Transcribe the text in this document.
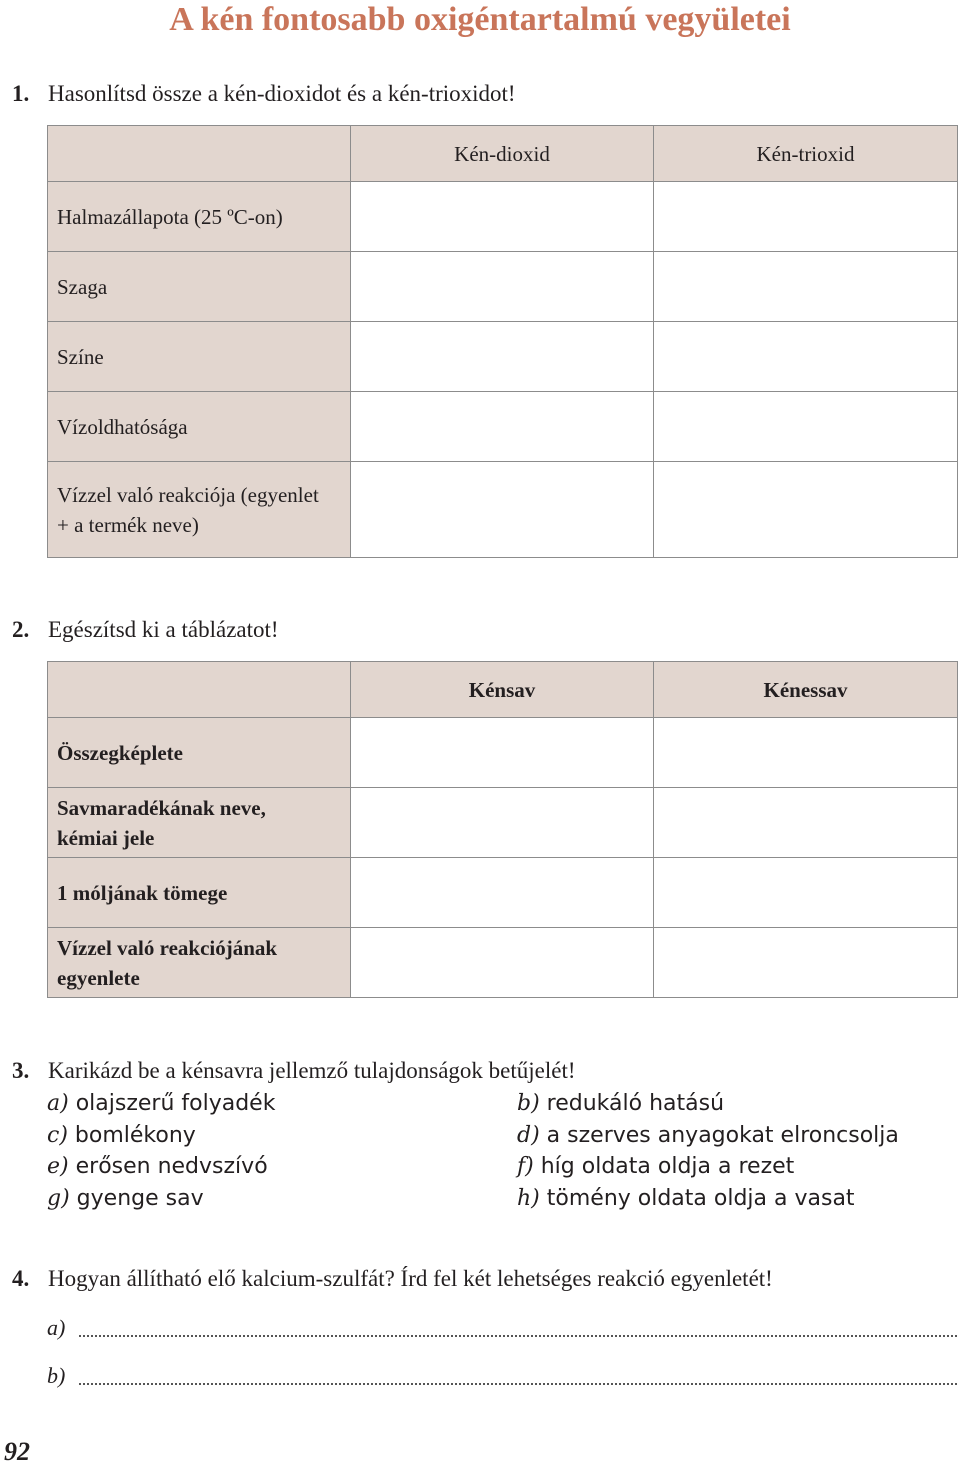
A kén fontosabb oxigéntartalmú vegyületei
1. Hasonlítsd össze a kén-dioxidot és a kén-trioxidot!
	Kén-dioxid	Kén-trioxid
Halmazállapota (25 ºC-on)		
Szaga		
Színe		
Vízoldhatósága		
Vízzel való reakciója (egyenlet + a termék neve)		
2. Egészítsd ki a táblázatot!
	Kénsav	Kénessav
Összegképlete		
Savmaradékának neve, kémiai jele		
1 móljának tömege		
Vízzel való reakciójának egyenlete		
3. Karikázd be a kénsavra jellemző tulajdonságok betűjelét!
a) olajszerű folyadék	b) redukáló hatású
c) bomlékony	d) a szerves anyagokat elroncsolja
e) erősen nedvszívó	f) híg oldata oldja a rezet
g) gyenge sav	h) tömény oldata oldja a vasat
4. Hogyan állítható elő kalcium-szulfát? Írd fel két lehetséges reakció egyenletét!
a)
b)
92
